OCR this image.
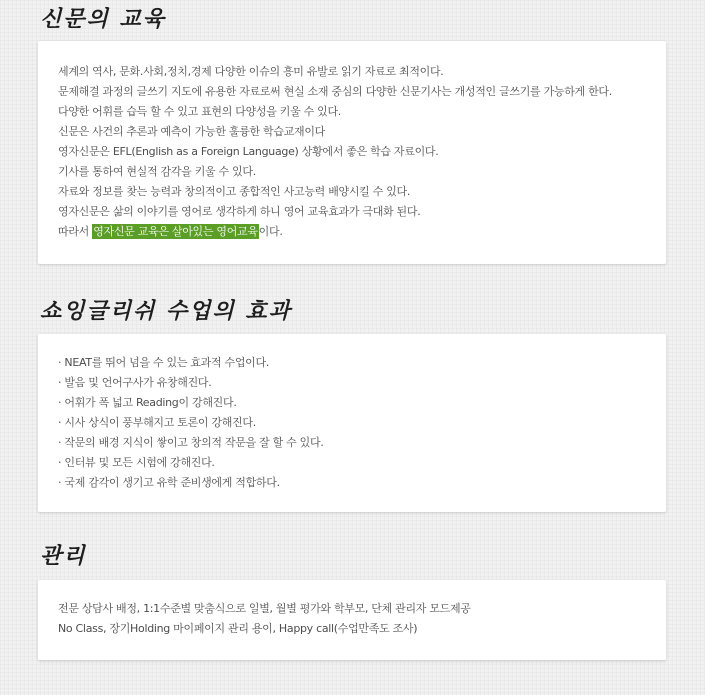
신문의 교육
세계의 역사, 문화.사회,정치,경제 다양한 이슈의 흥미 유발로 읽기 자료로 최적이다.
문제해결 과정의 글쓰기 지도에 유용한 자료로써 현실 소재 중심의 다양한 신문기사는 개성적인 글쓰기를 가능하게 한다.
다양한 어휘를 습득 할 수 있고 표현의 다양성을 키울 수 있다.
신문은 사건의 추론과 예측이 가능한 훌륭한 학습교재이다
영자신문은 EFL(English as a Foreign Language) 상황에서 좋은 학습 자료이다.
기사를 통하여 현실적 감각을 키울 수 있다.
자료와 정보를 찾는 능력과 창의적이고 종합적인 사고능력 배양시킬 수 있다.
영자신문은 삶의 이야기를 영어로 생각하게 하니 영어 교육효과가 극대화 된다.
따라서 영자신문 교육은 살아있는 영어교육이다.
쇼잉글리쉬 수업의 효과
· NEAT를 뛰어 넘을 수 있는 효과적 수업이다.
· 발음 및 언어구사가 유창해진다.
· 어휘가 폭 넓고 Reading이 강해진다.
· 시사 상식이 풍부해지고 토론이 강해진다.
· 작문의 배경 지식이 쌓이고 창의적 작문을 잘 할 수 있다.
· 인터뷰 및 모든 시험에 강해진다.
· 국제 감각이 생기고 유학 준비생에게 적합하다.
관리
전문 상담사 배정, 1:1수준별 맞춤식으로 일별, 월별 평가와 학부모, 단체 관리자 모드제공
No Class, 장기Holding 마이페이지 관리 용이, Happy call(수업만족도 조사)
